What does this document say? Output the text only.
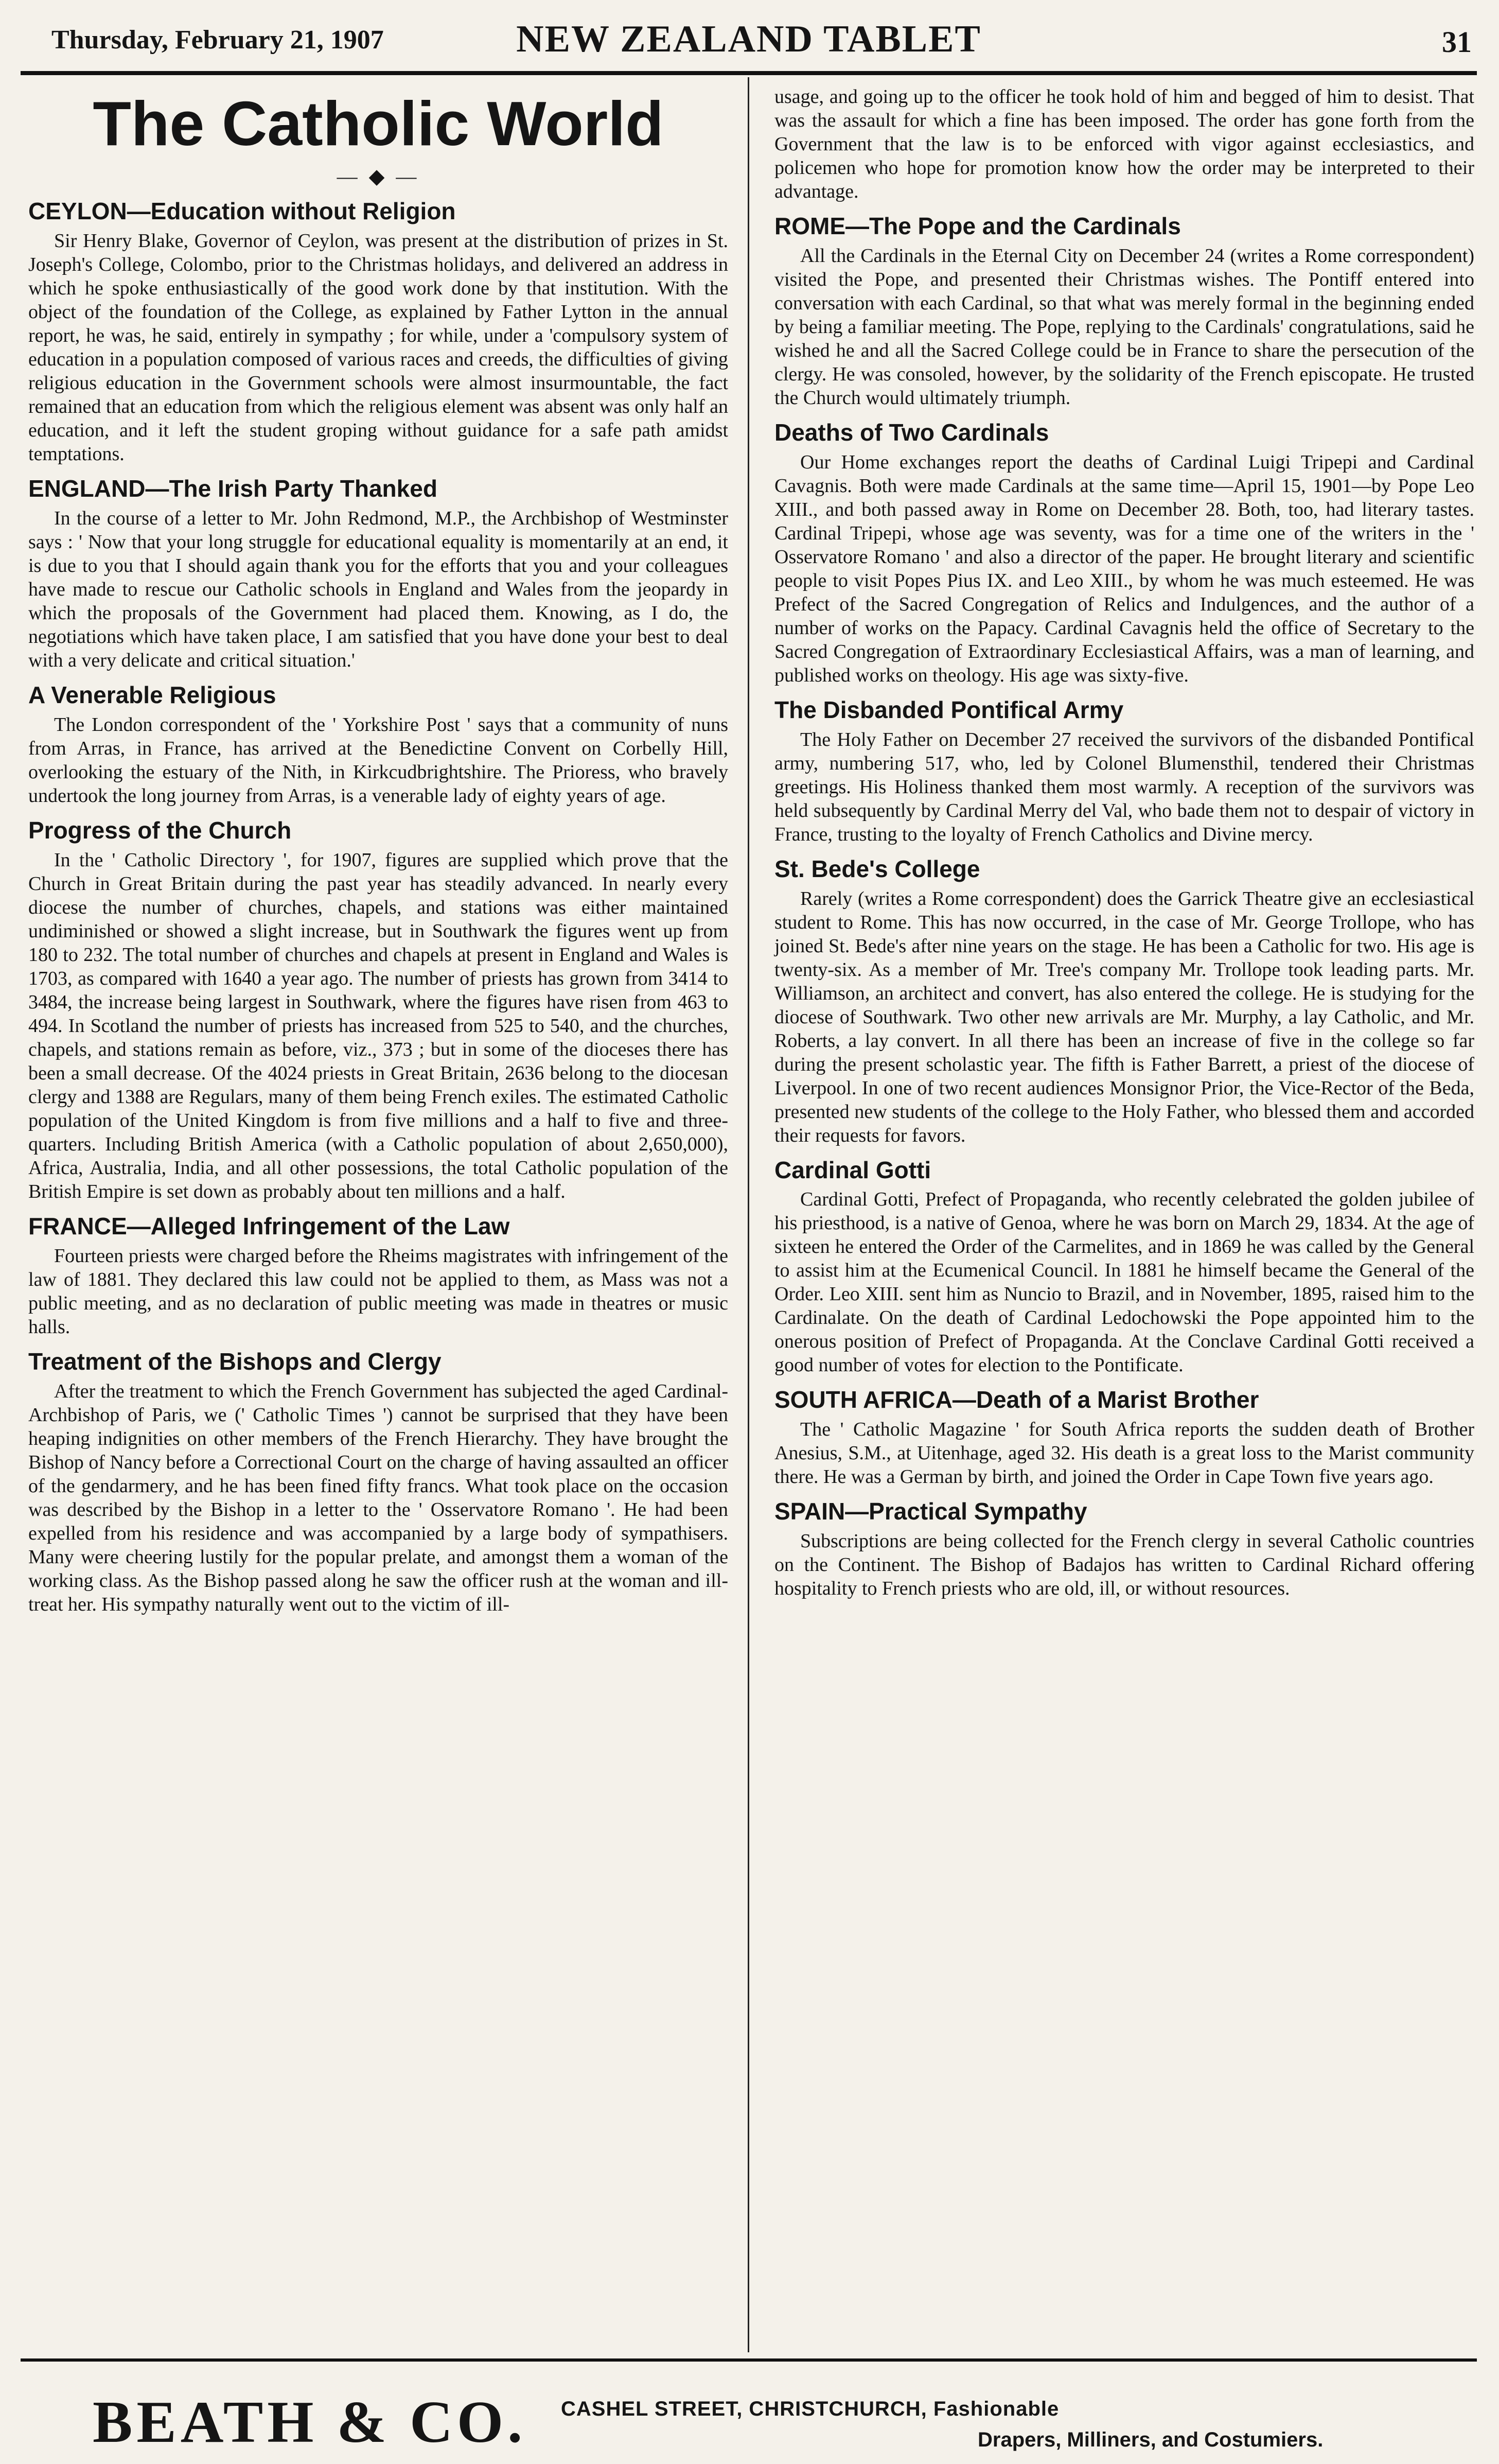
Thursday, February 21, 1907	NEW ZEALAND TABLET	31
The Catholic World
— ◆ —
CEYLON—Education without Religion

Sir Henry Blake, Governor of Ceylon, was present at the distribution of prizes in St. Joseph's College, Colombo, prior to the Christmas holidays, and delivered an address in which he spoke enthusiastically of the good work done by that institution. With the object of the foundation of the College, as explained by Father Lytton in the annual report, he was, he said, entirely in sympathy ; for while, under a 'compulsory system of education in a population composed of various races and creeds, the difficulties of giving religious education in the Government schools were almost insurmountable, the fact remained that an education from which the religious element was absent was only half an education, and it left the student groping without guidance for a safe path amidst temptations.

ENGLAND—The Irish Party Thanked

In the course of a letter to Mr. John Redmond, M.P., the Archbishop of Westminster says : ' Now that your long struggle for educational equality is momentarily at an end, it is due to you that I should again thank you for the efforts that you and your colleagues have made to rescue our Catholic schools in England and Wales from the jeopardy in which the proposals of the Government had placed them. Knowing, as I do, the negotiations which have taken place, I am satisfied that you have done your best to deal with a very delicate and critical situation.'

A Venerable Religious

The London correspondent of the ' Yorkshire Post ' says that a community of nuns from Arras, in France, has arrived at the Benedictine Convent on Corbelly Hill, overlooking the estuary of the Nith, in Kirkcudbrightshire. The Prioress, who bravely undertook the long journey from Arras, is a venerable lady of eighty years of age.

Progress of the Church

In the ' Catholic Directory ', for 1907, figures are supplied which prove that the Church in Great Britain during the past year has steadily advanced. In nearly every diocese the number of churches, chapels, and stations was either maintained undiminished or showed a slight increase, but in Southwark the figures went up from 180 to 232. The total number of churches and chapels at present in England and Wales is 1703, as compared with 1640 a year ago. The number of priests has grown from 3414 to 3484, the increase being largest in Southwark, where the figures have risen from 463 to 494. In Scotland the number of priests has increased from 525 to 540, and the churches, chapels, and stations remain as before, viz., 373 ; but in some of the dioceses there has been a small decrease. Of the 4024 priests in Great Britain, 2636 belong to the diocesan clergy and 1388 are Regulars, many of them being French exiles. The estimated Catholic population of the United Kingdom is from five millions and a half to five and three-quarters. Including British America (with a Catholic population of about 2,650,000), Africa, Australia, India, and all other possessions, the total Catholic population of the British Empire is set down as probably about ten millions and a half.

FRANCE—Alleged Infringement of the Law

Fourteen priests were charged before the Rheims magistrates with infringement of the law of 1881. They declared this law could not be applied to them, as Mass was not a public meeting, and as no declaration of public meeting was made in theatres or music halls.

Treatment of the Bishops and Clergy

After the treatment to which the French Government has subjected the aged Cardinal-Archbishop of Paris, we (' Catholic Times ') cannot be surprised that they have been heaping indignities on other members of the French Hierarchy. They have brought the Bishop of Nancy before a Correctional Court on the charge of having assaulted an officer of the gendarmery, and he has been fined fifty francs. What took place on the occasion was described by the Bishop in a letter to the ' Osservatore Romano '. He had been expelled from his residence and was accompanied by a large body of sympathisers. Many were cheering lustily for the popular prelate, and amongst them a woman of the working class. As the Bishop passed along he saw the officer rush at the woman and ill-treat her. His sympathy naturally went out to the victim of ill-

usage, and going up to the officer he took hold of him and begged of him to desist. That was the assault for which a fine has been imposed. The order has gone forth from the Government that the law is to be enforced with vigor against ecclesiastics, and policemen who hope for promotion know how the order may be interpreted to their advantage.

ROME—The Pope and the Cardinals

All the Cardinals in the Eternal City on December 24 (writes a Rome correspondent) visited the Pope, and presented their Christmas wishes. The Pontiff entered into conversation with each Cardinal, so that what was merely formal in the beginning ended by being a familiar meeting. The Pope, replying to the Cardinals' congratulations, said he wished he and all the Sacred College could be in France to share the persecution of the clergy. He was consoled, however, by the solidarity of the French episcopate. He trusted the Church would ultimately triumph.

Deaths of Two Cardinals

Our Home exchanges report the deaths of Cardinal Luigi Tripepi and Cardinal Cavagnis. Both were made Cardinals at the same time—April 15, 1901—by Pope Leo XIII., and both passed away in Rome on December 28. Both, too, had literary tastes. Cardinal Tripepi, whose age was seventy, was for a time one of the writers in the ' Osservatore Romano ' and also a director of the paper. He brought literary and scientific people to visit Popes Pius IX. and Leo XIII., by whom he was much esteemed. He was Prefect of the Sacred Congregation of Relics and Indulgences, and the author of a number of works on the Papacy. Cardinal Cavagnis held the office of Secretary to the Sacred Congregation of Extraordinary Ecclesiastical Affairs, was a man of learning, and published works on theology. His age was sixty-five.

The Disbanded Pontifical Army

The Holy Father on December 27 received the survivors of the disbanded Pontifical army, numbering 517, who, led by Colonel Blumensthil, tendered their Christmas greetings. His Holiness thanked them most warmly. A reception of the survivors was held subsequently by Cardinal Merry del Val, who bade them not to despair of victory in France, trusting to the loyalty of French Catholics and Divine mercy.

St. Bede's College

Rarely (writes a Rome correspondent) does the Garrick Theatre give an ecclesiastical student to Rome. This has now occurred, in the case of Mr. George Trollope, who has joined St. Bede's after nine years on the stage. He has been a Catholic for two. His age is twenty-six. As a member of Mr. Tree's company Mr. Trollope took leading parts. Mr. Williamson, an architect and convert, has also entered the college. He is studying for the diocese of Southwark. Two other new arrivals are Mr. Murphy, a lay Catholic, and Mr. Roberts, a lay convert. In all there has been an increase of five in the college so far during the present scholastic year. The fifth is Father Barrett, a priest of the diocese of Liverpool. In one of two recent audiences Monsignor Prior, the Vice-Rector of the Beda, presented new students of the college to the Holy Father, who blessed them and accorded their requests for favors.

Cardinal Gotti

Cardinal Gotti, Prefect of Propaganda, who recently celebrated the golden jubilee of his priesthood, is a native of Genoa, where he was born on March 29, 1834. At the age of sixteen he entered the Order of the Carmelites, and in 1869 he was called by the General to assist him at the Ecumenical Council. In 1881 he himself became the General of the Order. Leo XIII. sent him as Nuncio to Brazil, and in November, 1895, raised him to the Cardinalate. On the death of Cardinal Ledochowski the Pope appointed him to the onerous position of Prefect of Propaganda. At the Conclave Cardinal Gotti received a good number of votes for election to the Pontificate.

SOUTH AFRICA—Death of a Marist Brother

The ' Catholic Magazine ' for South Africa reports the sudden death of Brother Anesius, S.M., at Uitenhage, aged 32. His death is a great loss to the Marist community there. He was a German by birth, and joined the Order in Cape Town five years ago.

SPAIN—Practical Sympathy

Subscriptions are being collected for the French clergy in several Catholic countries on the Continent. The Bishop of Badajos has written to Cardinal Richard offering hospitality to French priests who are old, ill, or without resources.

BEATH & CO. CASHEL STREET, CHRISTCHURCH, Fashionable
Drapers, Milliners, and Costumiers.
